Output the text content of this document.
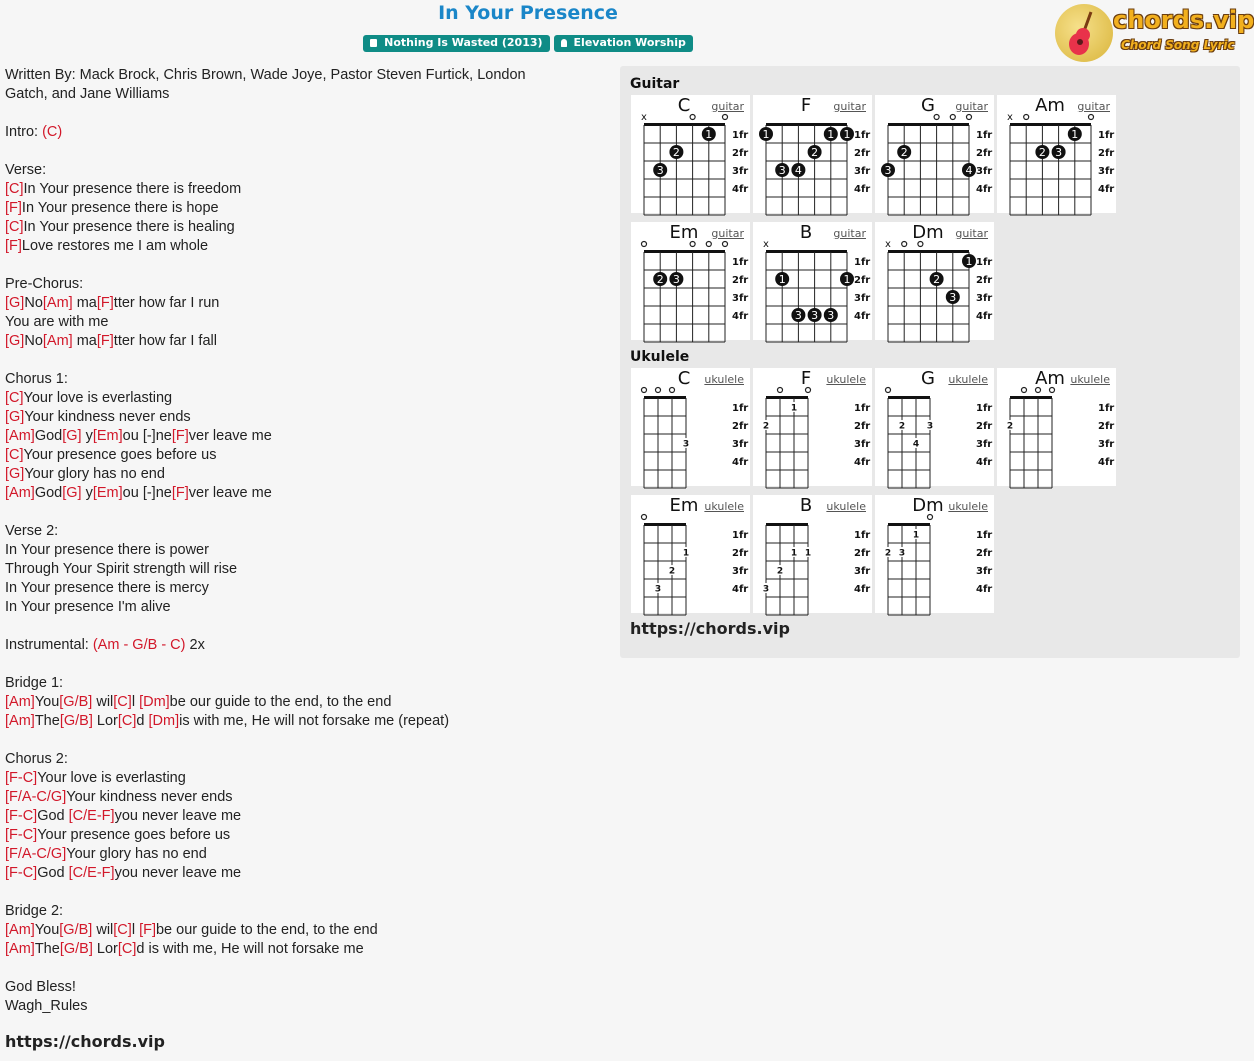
In Your Presence
Nothing Is Wasted (2013)	Elevation Worship
chords.vip
Chord Song Lyric
Written By: Mack Brock, Chris Brown, Wade Joye, Pastor Steven Furtick, London
Gatch, and Jane Williams
Intro: (C)
Verse:
[C]In Your presence there is freedom
[F]In Your presence there is hope
[C]In Your presence there is healing
[F]Love restores me I am whole
Pre-Chorus:
[G]No[Am] ma[F]tter how far I run
You are with me
[G]No[Am] ma[F]tter how far I fall
Chorus 1:
[C]Your love is everlasting
[G]Your kindness never ends
[Am]God[G] y[Em]ou [-]ne[F]ver leave me
[C]Your presence goes before us
[G]Your glory has no end
[Am]God[G] y[Em]ou [-]ne[F]ver leave me
Verse 2:
In Your presence there is power
Through Your Spirit strength will rise
In Your presence there is mercy
In Your presence I'm alive
Instrumental: (Am - G/B - C) 2x
Bridge 1:
[Am]You[G/B] wil[C]l [Dm]be our guide to the end, to the end
[Am]The[G/B] Lor[C]d [Dm]is with me, He will not forsake me (repeat)
Chorus 2:
[F-C]Your love is everlasting
[F/A-C/G]Your kindness never ends
[F-C]God [C/E-F]you never leave me
[F-C]Your presence goes before us
[F/A-C/G]Your glory has no end
[F-C]God [C/E-F]you never leave me
Bridge 2:
[Am]You[G/B] wil[C]l [F]be our guide to the end, to the end
[Am]The[G/B] Lor[C]d is with me, He will not forsake me
God Bless!
Wagh_Rules
https://chords.vip
Guitar
Ukulele
https://chords.vip
C	guitar
1fr
2fr
3fr
4fr
x
1
2
3
F	guitar
1fr
2fr
3fr
4fr
1	1 1
2
3 4
G	guitar
1fr
2fr
3fr
4fr
2
3	4
Am	guitar
1fr
2fr
3fr
4fr
x
1
2 3
Em	guitar
1fr
2fr
3fr
4fr
2 3
B	guitar
1fr
2fr
3fr
4fr
x
1	1
3 3 3
Dm	guitar
1fr
2fr
3fr
4fr
x
1
2
3
C	ukulele
1fr
2fr
3fr
4fr
3
F	ukulele
1fr
2fr
3fr
4fr
1
2
G	ukulele
1fr
2fr
3fr
4fr
2 3
4
Am ukulele
1fr
2fr
3fr
4fr
2
Em ukulele
1fr
2fr
3fr
4fr
1
2
3
B	ukulele
1fr
2fr
3fr
4fr
1 1
2
3
Dm ukulele
1fr
2fr
3fr
4fr
1
2 3
